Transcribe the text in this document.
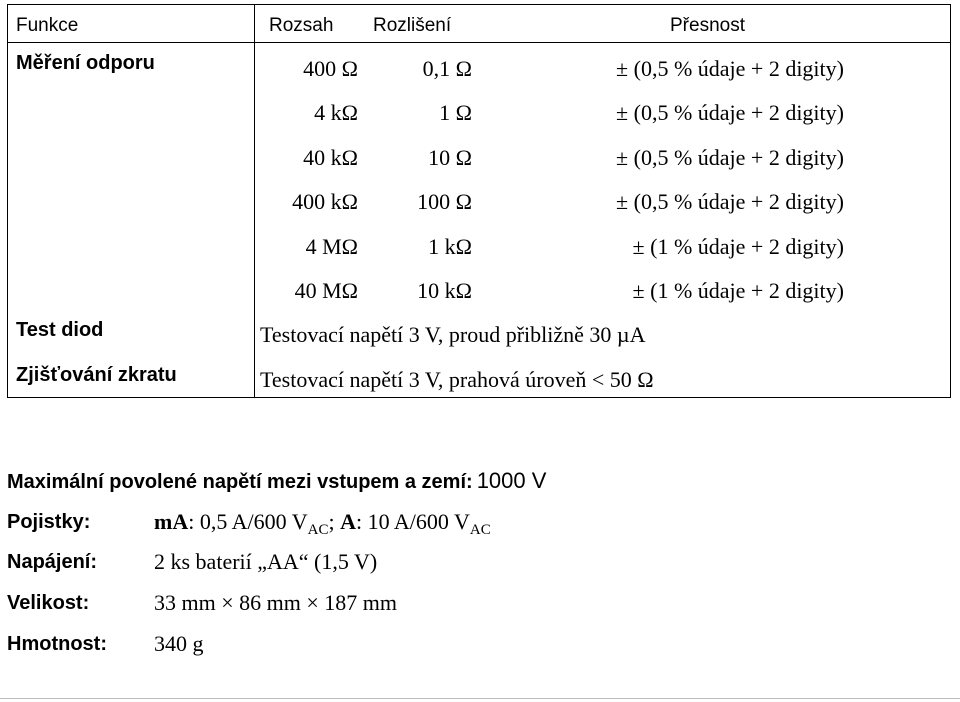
Funkce	Rozsah Rozlišení	Přesnost
Měření odporu	400 Ω	0,1 Ω	± (0,5 % údaje + 2 digity)
4 kΩ	1 Ω	± (0,5 % údaje + 2 digity)
40 kΩ	10 Ω	± (0,5 % údaje + 2 digity)
400 kΩ	100 Ω	± (0,5 % údaje + 2 digity)
4 MΩ	1 kΩ	± (1 % údaje + 2 digity)
40 MΩ	10 kΩ	± (1 % údaje + 2 digity)
Test diod	Testovací napětí 3 V, proud přibližně 30 µA
Zjišťování zkratu	Testovací napětí 3 V, prahová úroveň < 50 Ω
Maximální povolené napětí mezi vstupem a zemí: 1000 V
Pojistky:	mA: 0,5 A/600 $V_{AC}$; A: 10 A/600 $V_{AC}$
Napájení:	2 ks baterií „AA“ (1,5 V)
Velikost:	33 mm × 86 mm × 187 mm
Hmotnost: 340 g
